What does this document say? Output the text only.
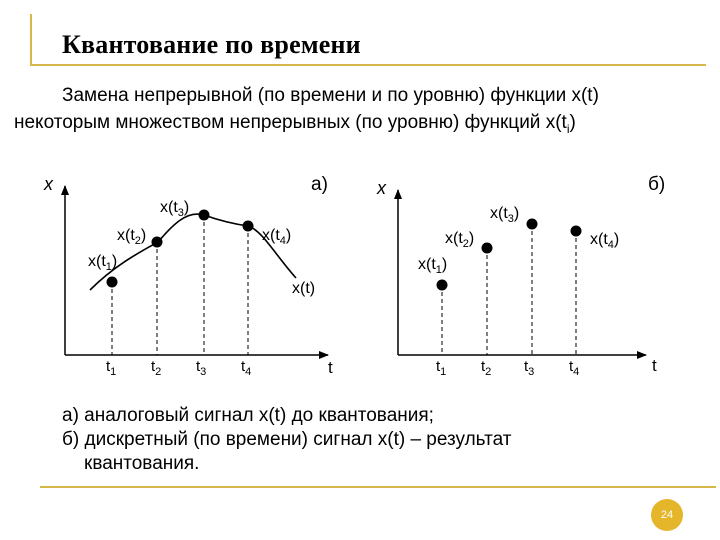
Квантование по времени
Замена непрерывной (по времени и по уровню) функции x(t)
некоторым множеством непрерывных (по уровню) функций $x(t_i)$
x
t
а)
$x(t_1)$
$x(t_2)$
$x(t_3)$
$x(t_4)$
x(t)
$t_1$ $t_2$ $t_3$ $t_4$
x
t
б)
$x(t_1)$
$x(t_2)$
$x(t_3)$
$x(t_4)$
$t_1$ $t_2$ $t_3$ $t_4$
а) аналоговый сигнал x(t) до квантования;
б) дискретный (по времени) сигнал x(t) – результат
квантования.
24
